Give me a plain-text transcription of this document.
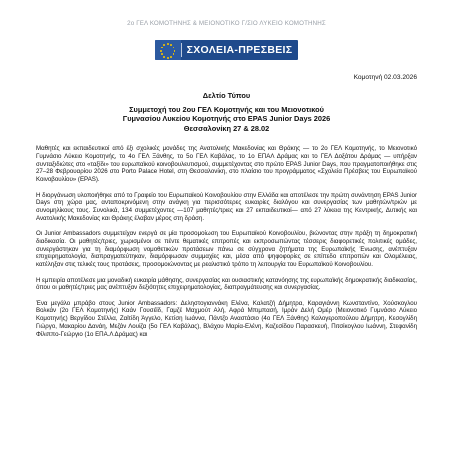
2ο ΓΕΛ ΚΟΜΟΤΗΝΗΣ & ΜΕΙΟΝΟΤΙΚΟ Γ/ΣΙΟ ΛΥΚΕΙΟ ΚΟΜΟΤΗΝΗΣ
ΣΧΟΛΕΙΑ-ΠΡΕΣΒΕΙΣ
Κομοτηνή 02.03.2026
Δελτίο Τύπου
Συμμετοχή του 2ου ΓΕΛ Κομοτηνής και του Μειονοτικού
Γυμνασίου Λυκείου Κομοτηνής στο EPAS Junior Days 2026
Θεσσαλονίκη 27 & 28.02

Μαθητές και εκπαιδευτικοί από έξι σχολικές μονάδες της Ανατολικής Μακεδονίας και Θράκης — το 2ο ΓΕΛ Κομοτηνής, το Μειονοτικό Γυμνάσιο Λύκειο Κομοτηνής, το 4ο ΓΕΛ Ξάνθης, το 5ο ΓΕΛ Καβάλας, το 1ο ΕΠΑΛ Δράμας και το ΓΕΛ Δοξάτου Δράμας — υπήρξαν συνταξιδιώτες στο «ταξίδι» του ευρωπαϊκού κοινοβουλευτισμού, συμμετέχοντας στο πρώτο EPAS Junior Days, που πραγματοποιήθηκε στις 27–28 Φεβρουαρίου 2026 στο Porto Palace Hotel, στη Θεσσαλονίκη, στο πλαίσιο του προγράμματος «Σχολεία Πρέσβεις του Ευρωπαϊκού Κοινοβουλίου» (EPAS).

Η διοργάνωση υλοποιήθηκε από το Γραφείο του Ευρωπαϊκού Κοινοβουλίου στην Ελλάδα και αποτέλεσε την πρώτη συνάντηση EPAS Junior Days στη χώρα μας, ανταποκρινόμενη στην ανάγκη για περισσότερες ευκαιρίες διαλόγου και συνεργασίας των μαθητών/τριών με συνομηλίκους τους. Συνολικά, 134 συμμετέχοντες —107 μαθητές/τριες και 27 εκπαιδευτικοί— από 27 λύκεια της Κεντρικής, Δυτικής και Ανατολικής Μακεδονίας και Θράκης έλαβαν μέρος στη δράση.

Οι Junior Ambassadors συμμετείχαν ενεργά σε μία προσομοίωση του Ευρωπαϊκού Κοινοβουλίου, βιώνοντας στην πράξη τη δημοκρατική διαδικασία. Οι μαθητές/τριες, χωρισμένοι σε πέντε θεματικές επιτροπές και εκπροσωπώντας τέσσερις διαφορετικές πολιτικές ομάδες, συνεργάστηκαν για τη διαμόρφωση νομοθετικών προτάσεων πάνω σε σύγχρονα ζητήματα της Ευρωπαϊκής Ένωσης, ανέπτυξαν επιχειρηματολογία, διαπραγματεύτηκαν, διαμόρφωσαν συμμαχίες και, μέσα από ψηφοφορίες σε επίπεδο επιτροπών και Ολομέλειας, κατέληξαν στις τελικές τους προτάσεις, προσομοιώνοντας με ρεαλιστικό τρόπο τη λειτουργία του Ευρωπαϊκού Κοινοβουλίου.

Η εμπειρία αποτέλεσε μια μοναδική ευκαιρία μάθησης, συνεργασίας και ουσιαστικής κατανόησης της ευρωπαϊκής δημοκρατικής διαδικασίας, όπου οι μαθητές/τριες μας ανέπτυξαν δεξιότητες επιχειρηματολογίας, διαπραγμάτευσης και συνεργασίας.

Ένα μεγάλο μπράβο στους Junior Ambassadors: Δεληστογιαννάκη Ελένα, Καλατζή Δήμητρα, Καραγιάννη Κωνσταντίνο, Χούσκογλου Βολκάν (2ο ΓΕΛ Κομοτηνής) Καάν Γουσέϊδ, Γαμζέ Μαχμούτ Αλή, Αφρά Μπιμπασή, Ιμράν Δελή Ομέρ (Μειονοτικό Γυμνάσιο Λύκειο Κομοτηνής) Βεργίδου Στέλλα, Ζαϊτίδη Άγγελο, Κετίση Ιωάννα, Πάντζο Αναστάσιο (4ο ΓΕΛ Ξάνθης) Καλογεροπούλου Δήμητρη, Κεσογλίδη Γιώργο, Μακαρίου Δανάη, Μεζάν Λουίζα (5ο ΓΕΛ Καβάλας), Βλάχου Μαρία-Ελένη, Καζεσίδου Παρασκευή, Πιτσίκογλου Ιωάννη, Στεφανίδη Φίλιππο-Γεώργιο (1ο ΕΠΑ.Λ Δράμας) και
